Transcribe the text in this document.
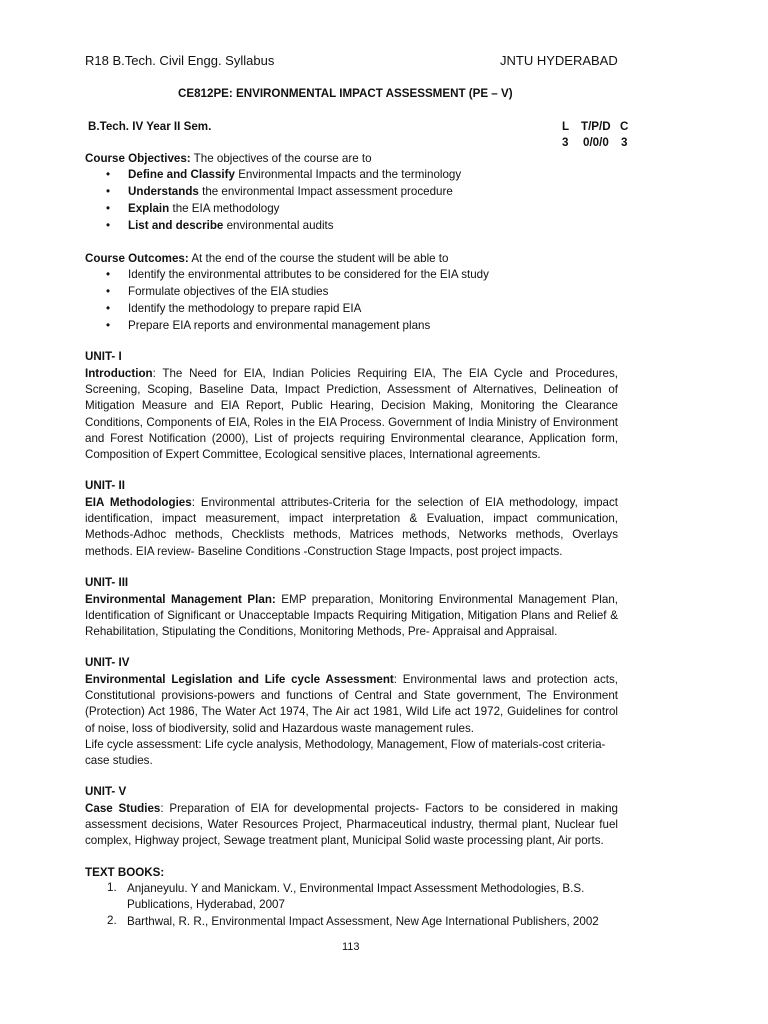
R18 B.Tech. Civil Engg. Syllabus	JNTU HYDERABAD
CE812PE: ENVIRONMENTAL IMPACT ASSESSMENT (PE – V)
B.Tech. IV Year II Sem.	L T/P/D C
3 0/0/0 3
Course Objectives: The objectives of the course are to
• Define and Classify Environmental Impacts and the terminology
• Understands the environmental Impact assessment procedure
• Explain the EIA methodology
• List and describe environmental audits
Course Outcomes: At the end of the course the student will be able to
• Identify the environmental attributes to be considered for the EIA study
• Formulate objectives of the EIA studies
• Identify the methodology to prepare rapid EIA
• Prepare EIA reports and environmental management plans
UNIT- I
Introduction: The Need for EIA, Indian Policies Requiring EIA, The EIA Cycle and Procedures, Screening, Scoping, Baseline Data, Impact Prediction, Assessment of Alternatives, Delineation of Mitigation Measure and EIA Report, Public Hearing, Decision Making, Monitoring the Clearance Conditions, Components of EIA, Roles in the EIA Process. Government of India Ministry of Environment and Forest Notification (2000), List of projects requiring Environmental clearance, Application form, Composition of Expert Committee, Ecological sensitive places, International agreements.
UNIT- II
EIA Methodologies: Environmental attributes-Criteria for the selection of EIA methodology, impact identification, impact measurement, impact interpretation & Evaluation, impact communication, Methods-Adhoc methods, Checklists methods, Matrices methods, Networks methods, Overlays methods. EIA review- Baseline Conditions -Construction Stage Impacts, post project impacts.
UNIT- III
Environmental Management Plan: EMP preparation, Monitoring Environmental Management Plan, Identification of Significant or Unacceptable Impacts Requiring Mitigation, Mitigation Plans and Relief & Rehabilitation, Stipulating the Conditions, Monitoring Methods, Pre- Appraisal and Appraisal.
UNIT- IV
Environmental Legislation and Life cycle Assessment: Environmental laws and protection acts, Constitutional provisions-powers and functions of Central and State government, The Environment (Protection) Act 1986, The Water Act 1974, The Air act 1981, Wild Life act 1972, Guidelines for control of noise, loss of biodiversity, solid and Hazardous waste management rules.
Life cycle assessment: Life cycle analysis, Methodology, Management, Flow of materials-cost criteria-case studies.
UNIT- V
Case Studies: Preparation of EIA for developmental projects- Factors to be considered in making assessment decisions, Water Resources Project, Pharmaceutical industry, thermal plant, Nuclear fuel complex, Highway project, Sewage treatment plant, Municipal Solid waste processing plant, Air ports.
TEXT BOOKS:
1. Anjaneyulu. Y and Manickam. V., Environmental Impact Assessment Methodologies, B.S. Publications, Hyderabad, 2007
2. Barthwal, R. R., Environmental Impact Assessment, New Age International Publishers, 2002
113
